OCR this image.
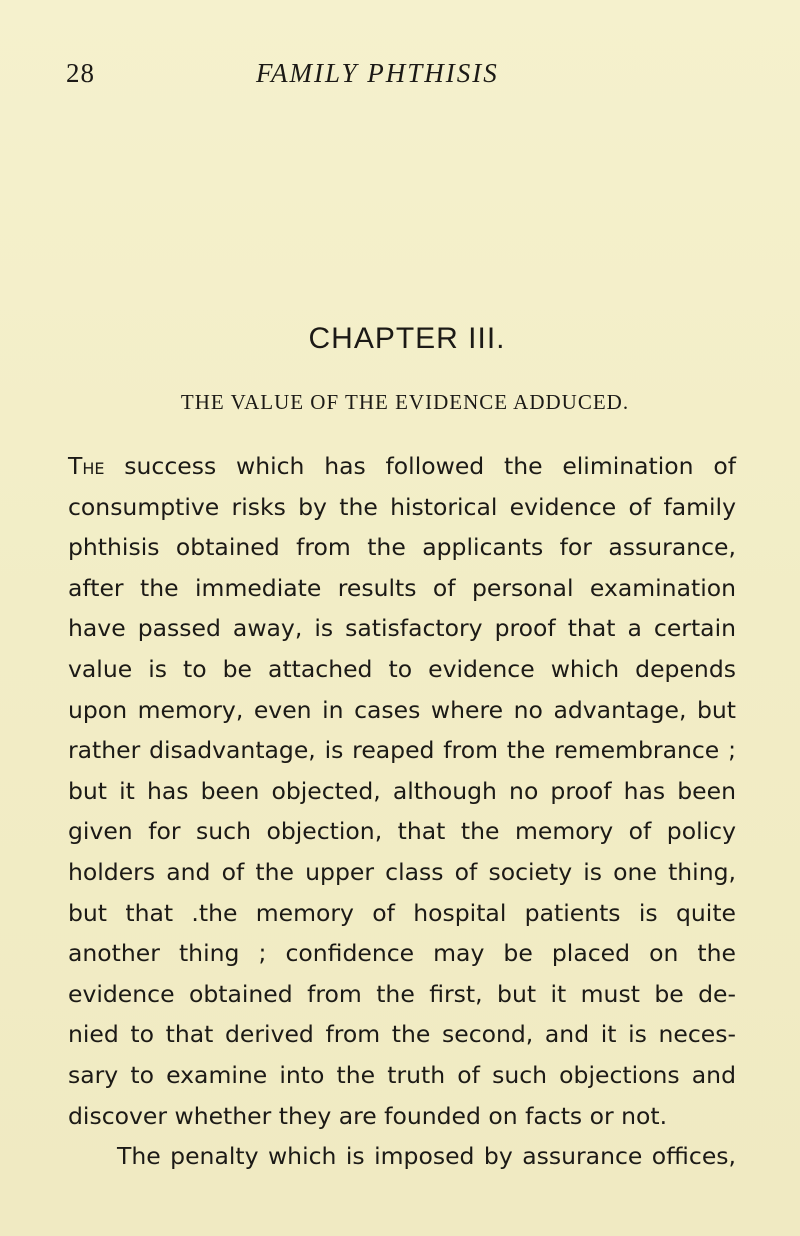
28	FAMILY PHTHISIS
CHAPTER III.
THE VALUE OF THE EVIDENCE ADDUCED.
The success which has followed the elimination of
consumptive risks by the historical evidence of family
phthisis obtained from the applicants for assurance,
after the immediate results of personal examination
have passed away, is satisfactory proof that a certain
value is to be attached to evidence which depends
upon memory, even in cases where no advantage, but
rather disadvantage, is reaped from the remembrance ;
but it has been objected, although no proof has been
given for such objection, that the memory of policy
holders and of the upper class of society is one thing,
but that .the memory of hospital patients is quite
another thing ; confidence may be placed on the
evidence obtained from the first, but it must be de-
nied to that derived from the second, and it is neces-
sary to examine into the truth of such objections and
discover whether they are founded on facts or not.
The penalty which is imposed by assurance offices,
